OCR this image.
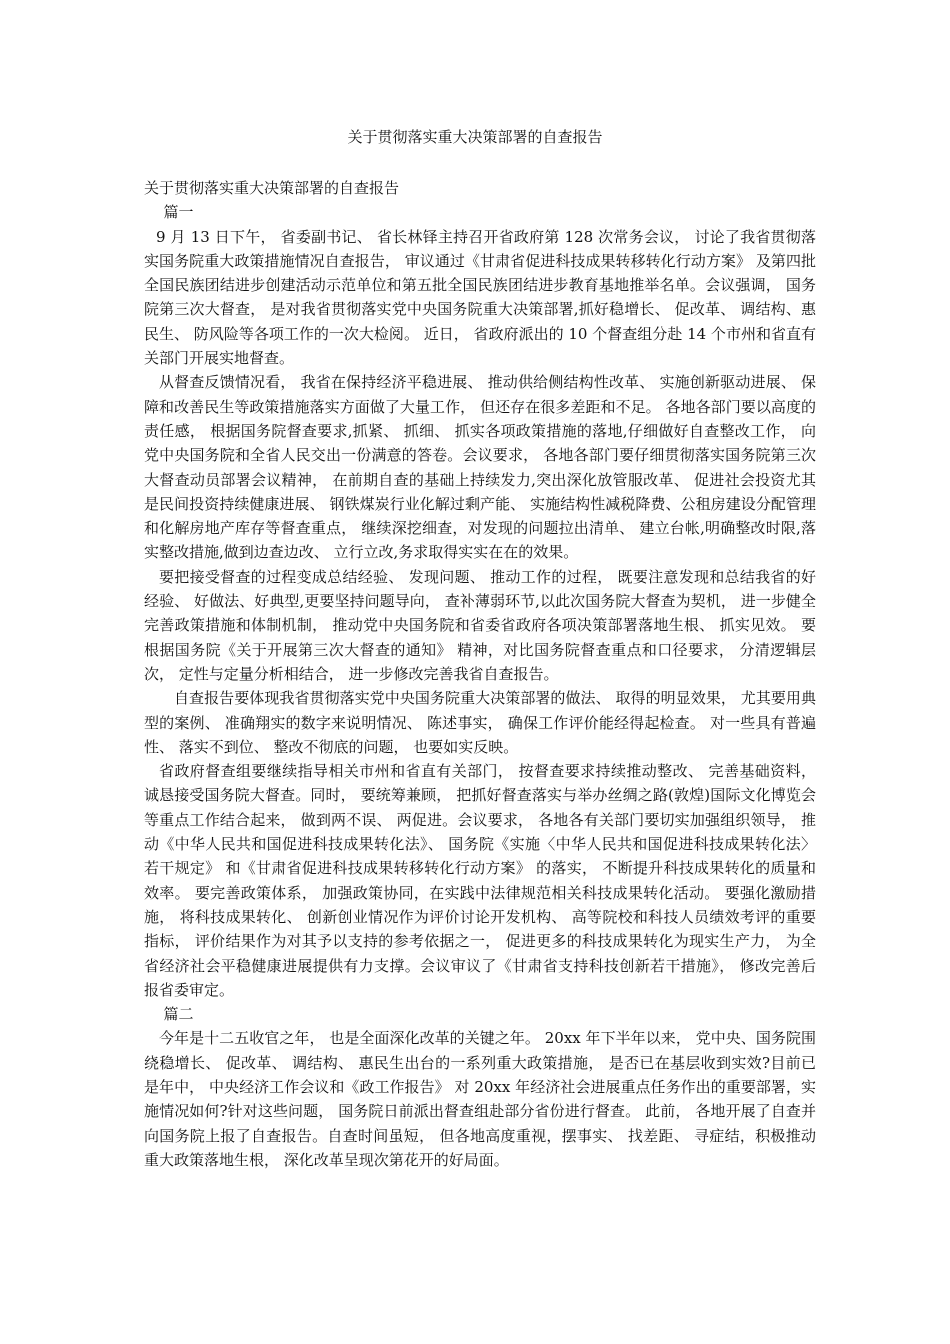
关于贯彻落实重大决策部署的自查报告

关于贯彻落实重大决策部署的自查报告

篇一

9 月 13 日下午， 省委副书记、 省长林铎主持召开省政府第 128 次常务会议， 讨论了我省贯彻落实国务院重大政策措施情况自查报告， 审议通过《甘肃省促进科技成果转移转化行动方案》 及第四批全国民族团结进步创建活动示范单位和第五批全国民族团结进步教育基地推举名单。会议强调， 国务院第三次大督查， 是对我省贯彻落实党中央国务院重大决策部署,抓好稳增长、 促改革、 调结构、惠民生、 防风险等各项工作的一次大检阅。 近日， 省政府派出的 10 个督查组分赴 14 个市州和省直有关部门开展实地督查。

从督查反馈情况看， 我省在保持经济平稳进展、 推动供给侧结构性改革、 实施创新驱动进展、 保障和改善民生等政策措施落实方面做了大量工作， 但还存在很多差距和不足。 各地各部门要以高度的责任感， 根据国务院督查要求,抓紧、 抓细、 抓实各项政策措施的落地,仔细做好自查整改工作， 向党中央国务院和全省人民交出一份满意的答卷。会议要求， 各地各部门要仔细贯彻落实国务院第三次大督查动员部署会议精神， 在前期自查的基础上持续发力,突出深化放管服改革、 促进社会投资尤其是民间投资持续健康进展、 钢铁煤炭行业化解过剩产能、 实施结构性减税降费、公租房建设分配管理和化解房地产库存等督查重点， 继续深挖细查，对发现的问题拉出清单、 建立台帐,明确整改时限,落实整改措施,做到边查边改、 立行立改,务求取得实实在在的效果。

要把接受督查的过程变成总结经验、 发现问题、 推动工作的过程， 既要注意发现和总结我省的好经验、 好做法、好典型,更要坚持问题导向， 查补薄弱环节,以此次国务院大督查为契机， 进一步健全完善政策措施和体制机制， 推动党中央国务院和省委省政府各项决策部署落地生根、 抓实见效。 要根据国务院《关于开展第三次大督查的通知》 精神，对比国务院督查重点和口径要求， 分清逻辑层次， 定性与定量分析相结合， 进一步修改完善我省自查报告。

自查报告要体现我省贯彻落实党中央国务院重大决策部署的做法、 取得的明显效果， 尤其要用典型的案例、 准确翔实的数字来说明情况、 陈述事实， 确保工作评价能经得起检查。 对一些具有普遍性、 落实不到位、 整改不彻底的问题， 也要如实反映。

省政府督查组要继续指导相关市州和省直有关部门， 按督查要求持续推动整改、 完善基础资料， 诚恳接受国务院大督查。同时， 要统筹兼顾， 把抓好督查落实与举办丝绸之路(敦煌)国际文化博览会等重点工作结合起来， 做到两不误、 两促进。会议要求， 各地各有关部门要切实加强组织领导， 推动《中华人民共和国促进科技成果转化法》、 国务院《实施〈中华人民共和国促进科技成果转化法〉 若干规定》 和《甘肃省促进科技成果转移转化行动方案》 的落实， 不断提升科技成果转化的质量和效率。 要完善政策体系， 加强政策协同，在实践中法律规范相关科技成果转化活动。 要强化激励措施， 将科技成果转化、 创新创业情况作为评价讨论开发机构、 高等院校和科技人员绩效考评的重要指标， 评价结果作为对其予以支持的参考依据之一， 促进更多的科技成果转化为现实生产力， 为全省经济社会平稳健康进展提供有力支撑。会议审议了《甘肃省支持科技创新若干措施》， 修改完善后报省委审定。

篇二

今年是十二五收官之年， 也是全面深化改革的关键之年。 20xx 年下半年以来， 党中央、国务院围绕稳增长、 促改革、 调结构、 惠民生出台的一系列重大政策措施， 是否已在基层收到实效?目前已是年中， 中央经济工作会议和《政工作报告》 对 20xx 年经济社会进展重点任务作出的重要部署，实施情况如何?针对这些问题， 国务院日前派出督查组赴部分省份进行督查。 此前， 各地开展了自查并向国务院上报了自查报告。自查时间虽短， 但各地高度重视，摆事实、 找差距、 寻症结，积极推动重大政策落地生根， 深化改革呈现次第花开的好局面。
